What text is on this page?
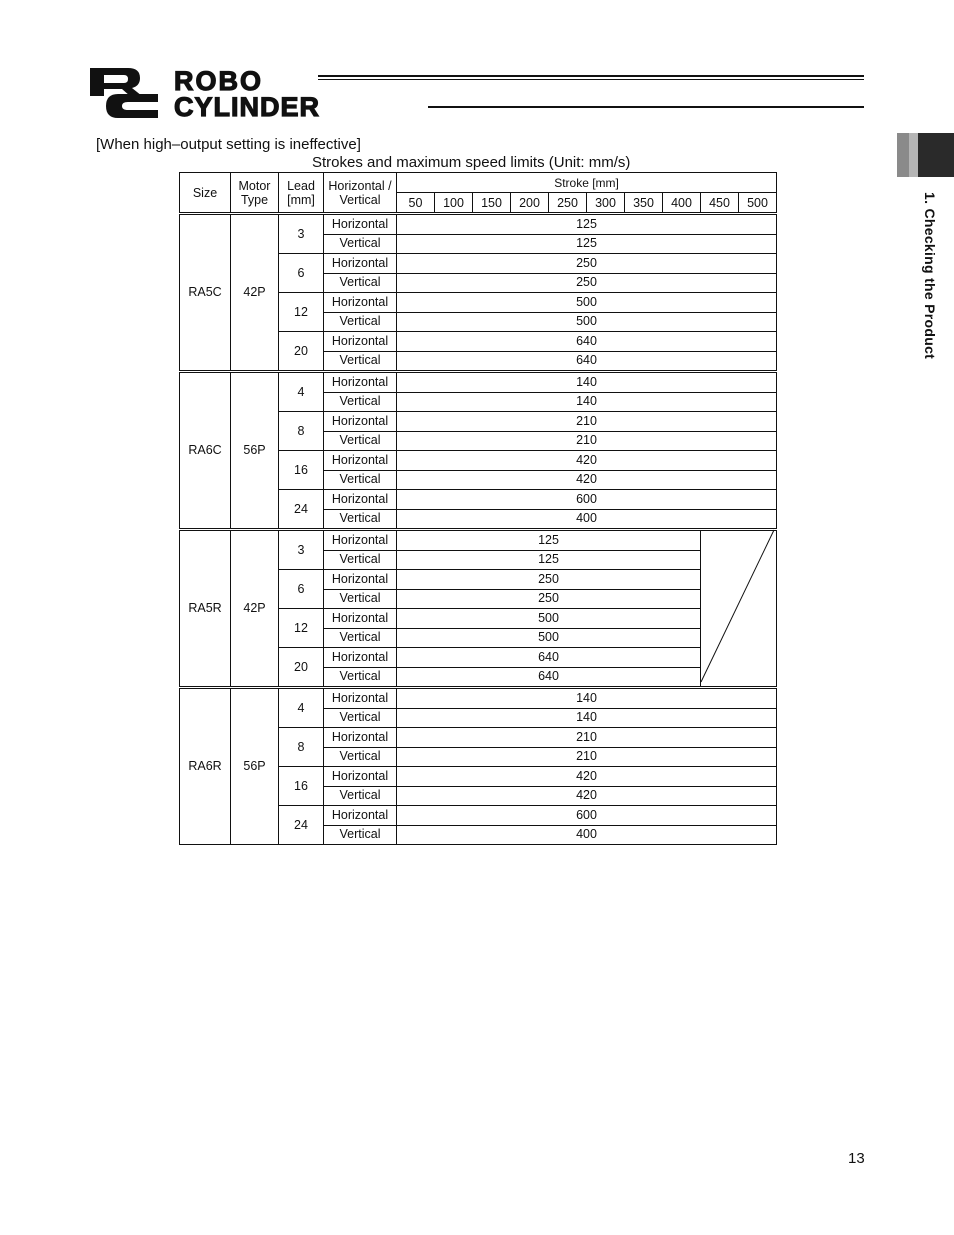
ROBO
CYLINDER
1. Checking the Product
[When high–output setting is ineffective]
Strokes and maximum speed limits (Unit: mm/s)
Size	Motor Type	Lead [mm]	Horizontal / Vertical	Stroke [mm]									
				50	100	150	200	250	300	350	400	450	500
RA5C	42P	3	Horizontal	125									
			Vertical	125									
		6	Horizontal	250									
			Vertical	250									
		12	Horizontal	500									
			Vertical	500									
		20	Horizontal	640									
			Vertical	640									
RA6C	56P	4	Horizontal	140									
			Vertical	140									
		8	Horizontal	210									
			Vertical	210									
		16	Horizontal	420									
			Vertical	420									
		24	Horizontal	600									
			Vertical	400									
RA5R	42P	3	Horizontal	125									
			Vertical	125									
		6	Horizontal	250									
			Vertical	250									
		12	Horizontal	500									
			Vertical	500									
		20	Horizontal	640									
			Vertical	640									
RA6R	56P	4	Horizontal	140									
			Vertical	140									
		8	Horizontal	210									
			Vertical	210									
		16	Horizontal	420									
			Vertical	420									
		24	Horizontal	600									
			Vertical	400									
13
